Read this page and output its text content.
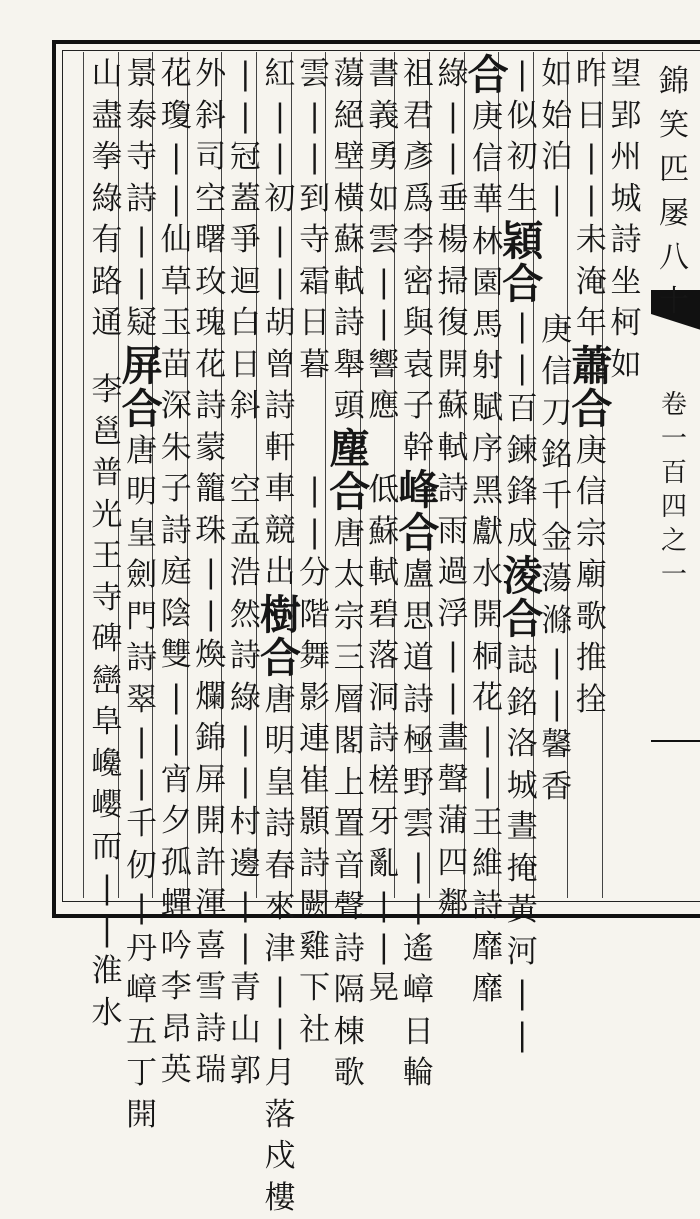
錦
笑
匹
屡
八
十
卷
一
百
四
之
一
望
郢
州
城
詩
坐
柯
如
昨
日
|
|
未
淹
年
蕭
合
庚
信
宗
廟
歌
推
拴
如
始
泊
|
庚
信
刀
銘
千
金
蕩
滌
|
|
馨
香
|
似
初
生
穎
合
|
|
百
鍊
鋒
成
淩
合
誌
銘
洛
城
晝
掩
黃
河
|
|
合
庚
信
華
林
園
馬
射
賦
序
黑
獻
水
開
桐
花
|
|
王
維
詩
靡
靡
綠
|
|
垂
楊
掃
復
開
蘇
軾
詩
雨
過
浮
|
|
畫
聲
蒲
四
鄰
祖
君
彥
爲
李
密
與
袁
子
幹
峰
合
盧
思
道
詩
極
野
雲
|
|
遙
嶂
日
輪
書
義
勇
如
雲
|
|
響
應
低
蘇
軾
碧
落
洞
詩
槎
牙
亂
|
|
晃
蕩
絕
壁
橫
蘇
軾
詩
舉
頭
塵
合
唐
太
宗
三
層
閣
上
置
音
聲
詩
隔
棟
歌
雲
|
|
到
寺
霜
日
暮
|
|
分
階
舞
影
連
崔
顥
詩
闕
雞
下
社
紅
|
|
初
|
|
胡
曾
詩
軒
車
競
出
樹
合
唐
明
皇
詩
春
來
津
|
|
月
落
戍
樓
|
|
冠
蓋
爭
迴
白
日
斜
空
孟
浩
然
詩
綠
|
|
村
邊
|
|
青
山
郭
外
斜
司
空
曙
玫
瑰
花
詩
蒙
籠
珠
|
|
煥
爛
錦
屏
開
許
渾
喜
雪
詩
瑞
花
瓊
|
|
仙
草
玉
苗
深
朱
子
詩
庭
陰
雙
|
|
宵
夕
孤
蟬
吟
李
昂
英
景
泰
寺
詩
|
|
疑
屏
合
唐
明
皇
劍
門
詩
翠
|
|
千
仞
|
丹
嶂
五
丁
開
山
盡
拳
綠
有
路
通
李
邕
普
光
王
寺
碑
巒
阜
巉
巊
而
|
|
淮
水
